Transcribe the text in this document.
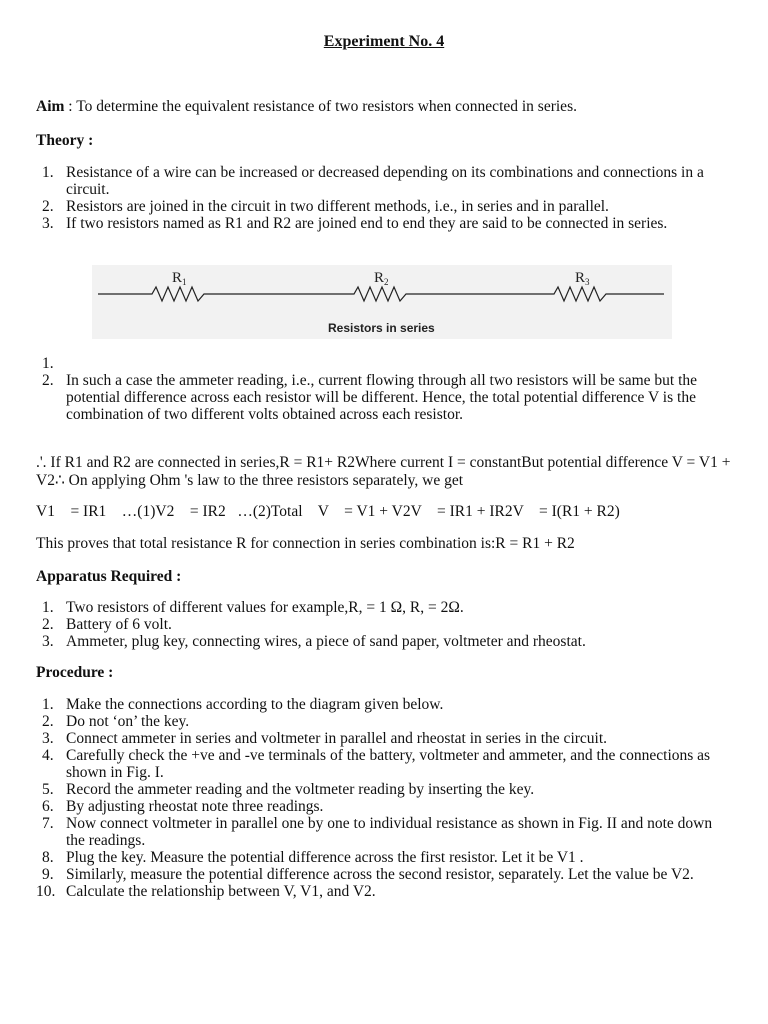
Experiment No. 4
Aim : To determine the equivalent resistance of two resistors when connected in series.
Theory :
1. Resistance of a wire can be increased or decreased depending on its combinations and connections in a circuit.
2. Resistors are joined in the circuit in two different methods, i.e., in series and in parallel.
3. If two resistors named as R1 and R2 are joined end to end they are said to be connected in series.
$R_1$	$R_2$	$R_3$
Resistors in series
1.
2. In such a case the ammeter reading, i.e., current flowing through all two resistors will be same but the potential difference across each resistor will be different. Hence, the total potential difference V is the combination of two different volts obtained across each resistor.
.'. If R1 and R2 are connected in series,R = R1+ R2Where current I = constantBut potential difference V = V1 + V2∴ On applying Ohm 's law to the three resistors separately, we get
V1    = IR1    …(1)V2    = IR2   …(2)Total    V    = V1 + V2V    = IR1 + IR2V    = I(R1 + R2)
This proves that total resistance R for connection in series combination is:R = R1 + R2
Apparatus Required :
1. Two resistors of different values for example,R, = 1 Ω, R, = 2Ω.
2. Battery of 6 volt.
3. Ammeter, plug key, connecting wires, a piece of sand paper, voltmeter and rheostat.
Procedure :
1. Make the connections according to the diagram given below.
2. Do not ‘on’ the key.
3. Connect ammeter in series and voltmeter in parallel and rheostat in series in the circuit.
4. Carefully check the +ve and -ve terminals of the battery, voltmeter and ammeter, and the connections as shown in Fig. I.
5. Record the ammeter reading and the voltmeter reading by inserting the key.
6. By adjusting rheostat note three readings.
7. Now connect voltmeter in parallel one by one to individual resistance as shown in Fig. II and note down the readings.
8. Plug the key. Measure the potential difference across the first resistor. Let it be V1 .
9. Similarly, measure the potential difference across the second resistor, separately. Let the value be V2.
10. Calculate the relationship between V, V1, and V2.
